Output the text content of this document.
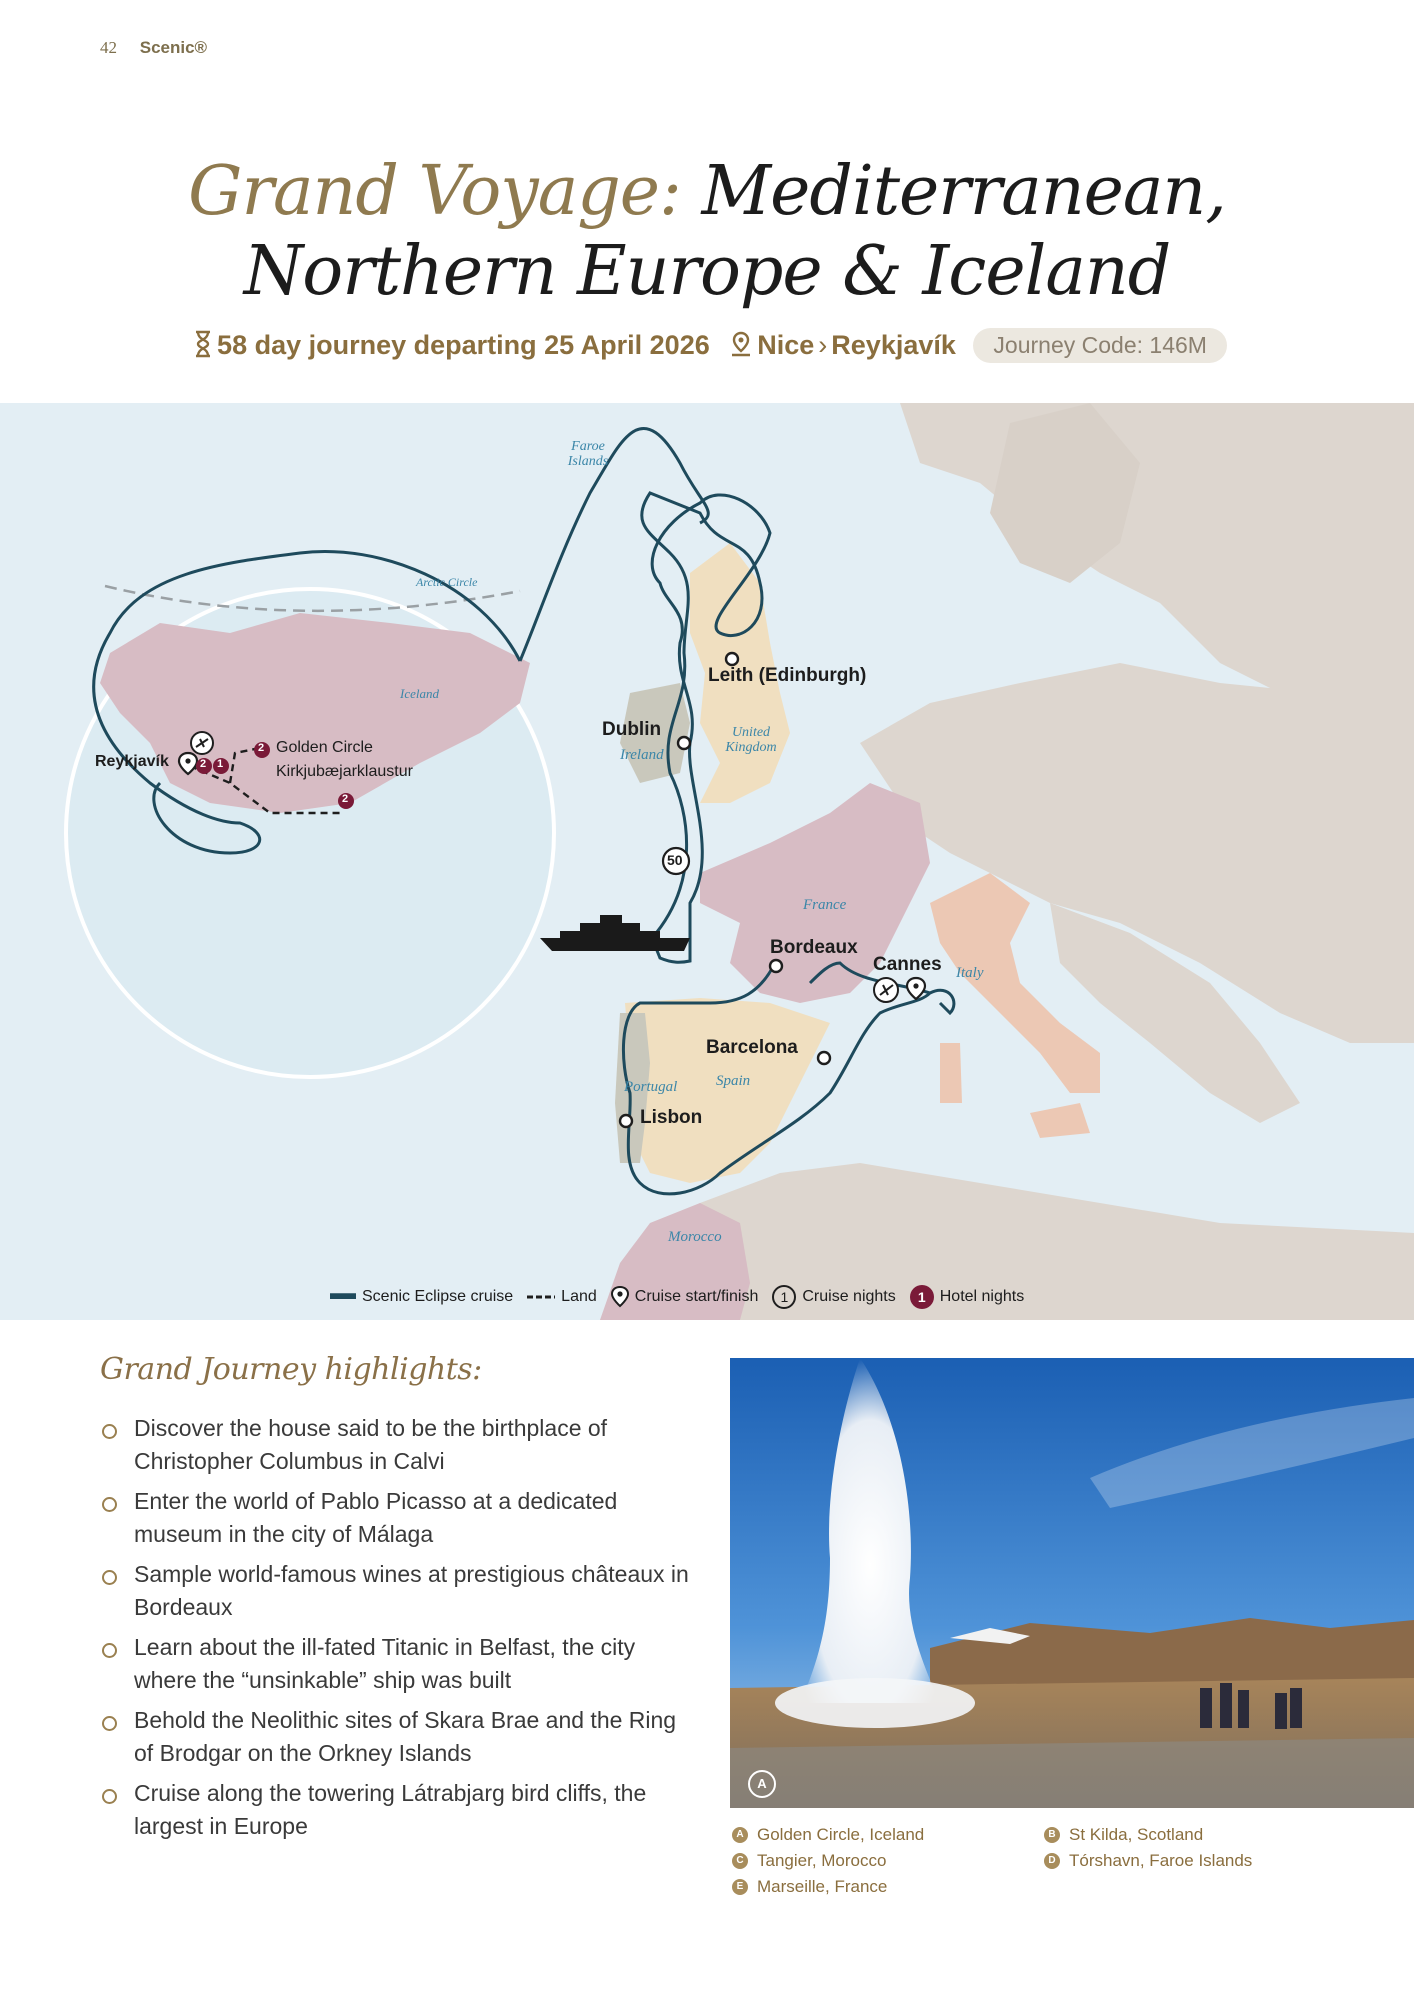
42 Scenic®
Grand Voyage: Mediterranean,
Northern Europe & Iceland
58 day journey departing 25 April 2026 Nice › Reykjavík Journey Code: 146M
50
2 1
2
2
Reykjavík
Golden Circle
Kirkjubæjarklaustur
Leith (Edinburgh)
Dublin
Bordeaux
Cannes
Barcelona
Lisbon
Iceland
Ireland
United Kingdom
France
Italy
Spain
Portugal
Morocco
Faroe Islands
Arctic Circle
Scenic Eclipse cruise	Land Cruise start/finish	1 Cruise nights	1 Hotel nights
Grand Journey highlights:
Discover the house said to be the birthplace of Christopher Columbus in Calvi
Enter the world of Pablo Picasso at a dedicated museum in the city of Málaga
Sample world-famous wines at prestigious châteaux in Bordeaux
Learn about the ill-fated Titanic in Belfast, the city where the “unsinkable” ship was built
Behold the Neolithic sites of Skara Brae and the Ring of Brodgar on the Orkney Islands
Cruise along the towering Látrabjarg bird cliffs, the largest in Europe
A
A Golden Circle, Iceland
C Tangier, Morocco
E Marseille, France
B St Kilda, Scotland
D Tórshavn, Faroe Islands
